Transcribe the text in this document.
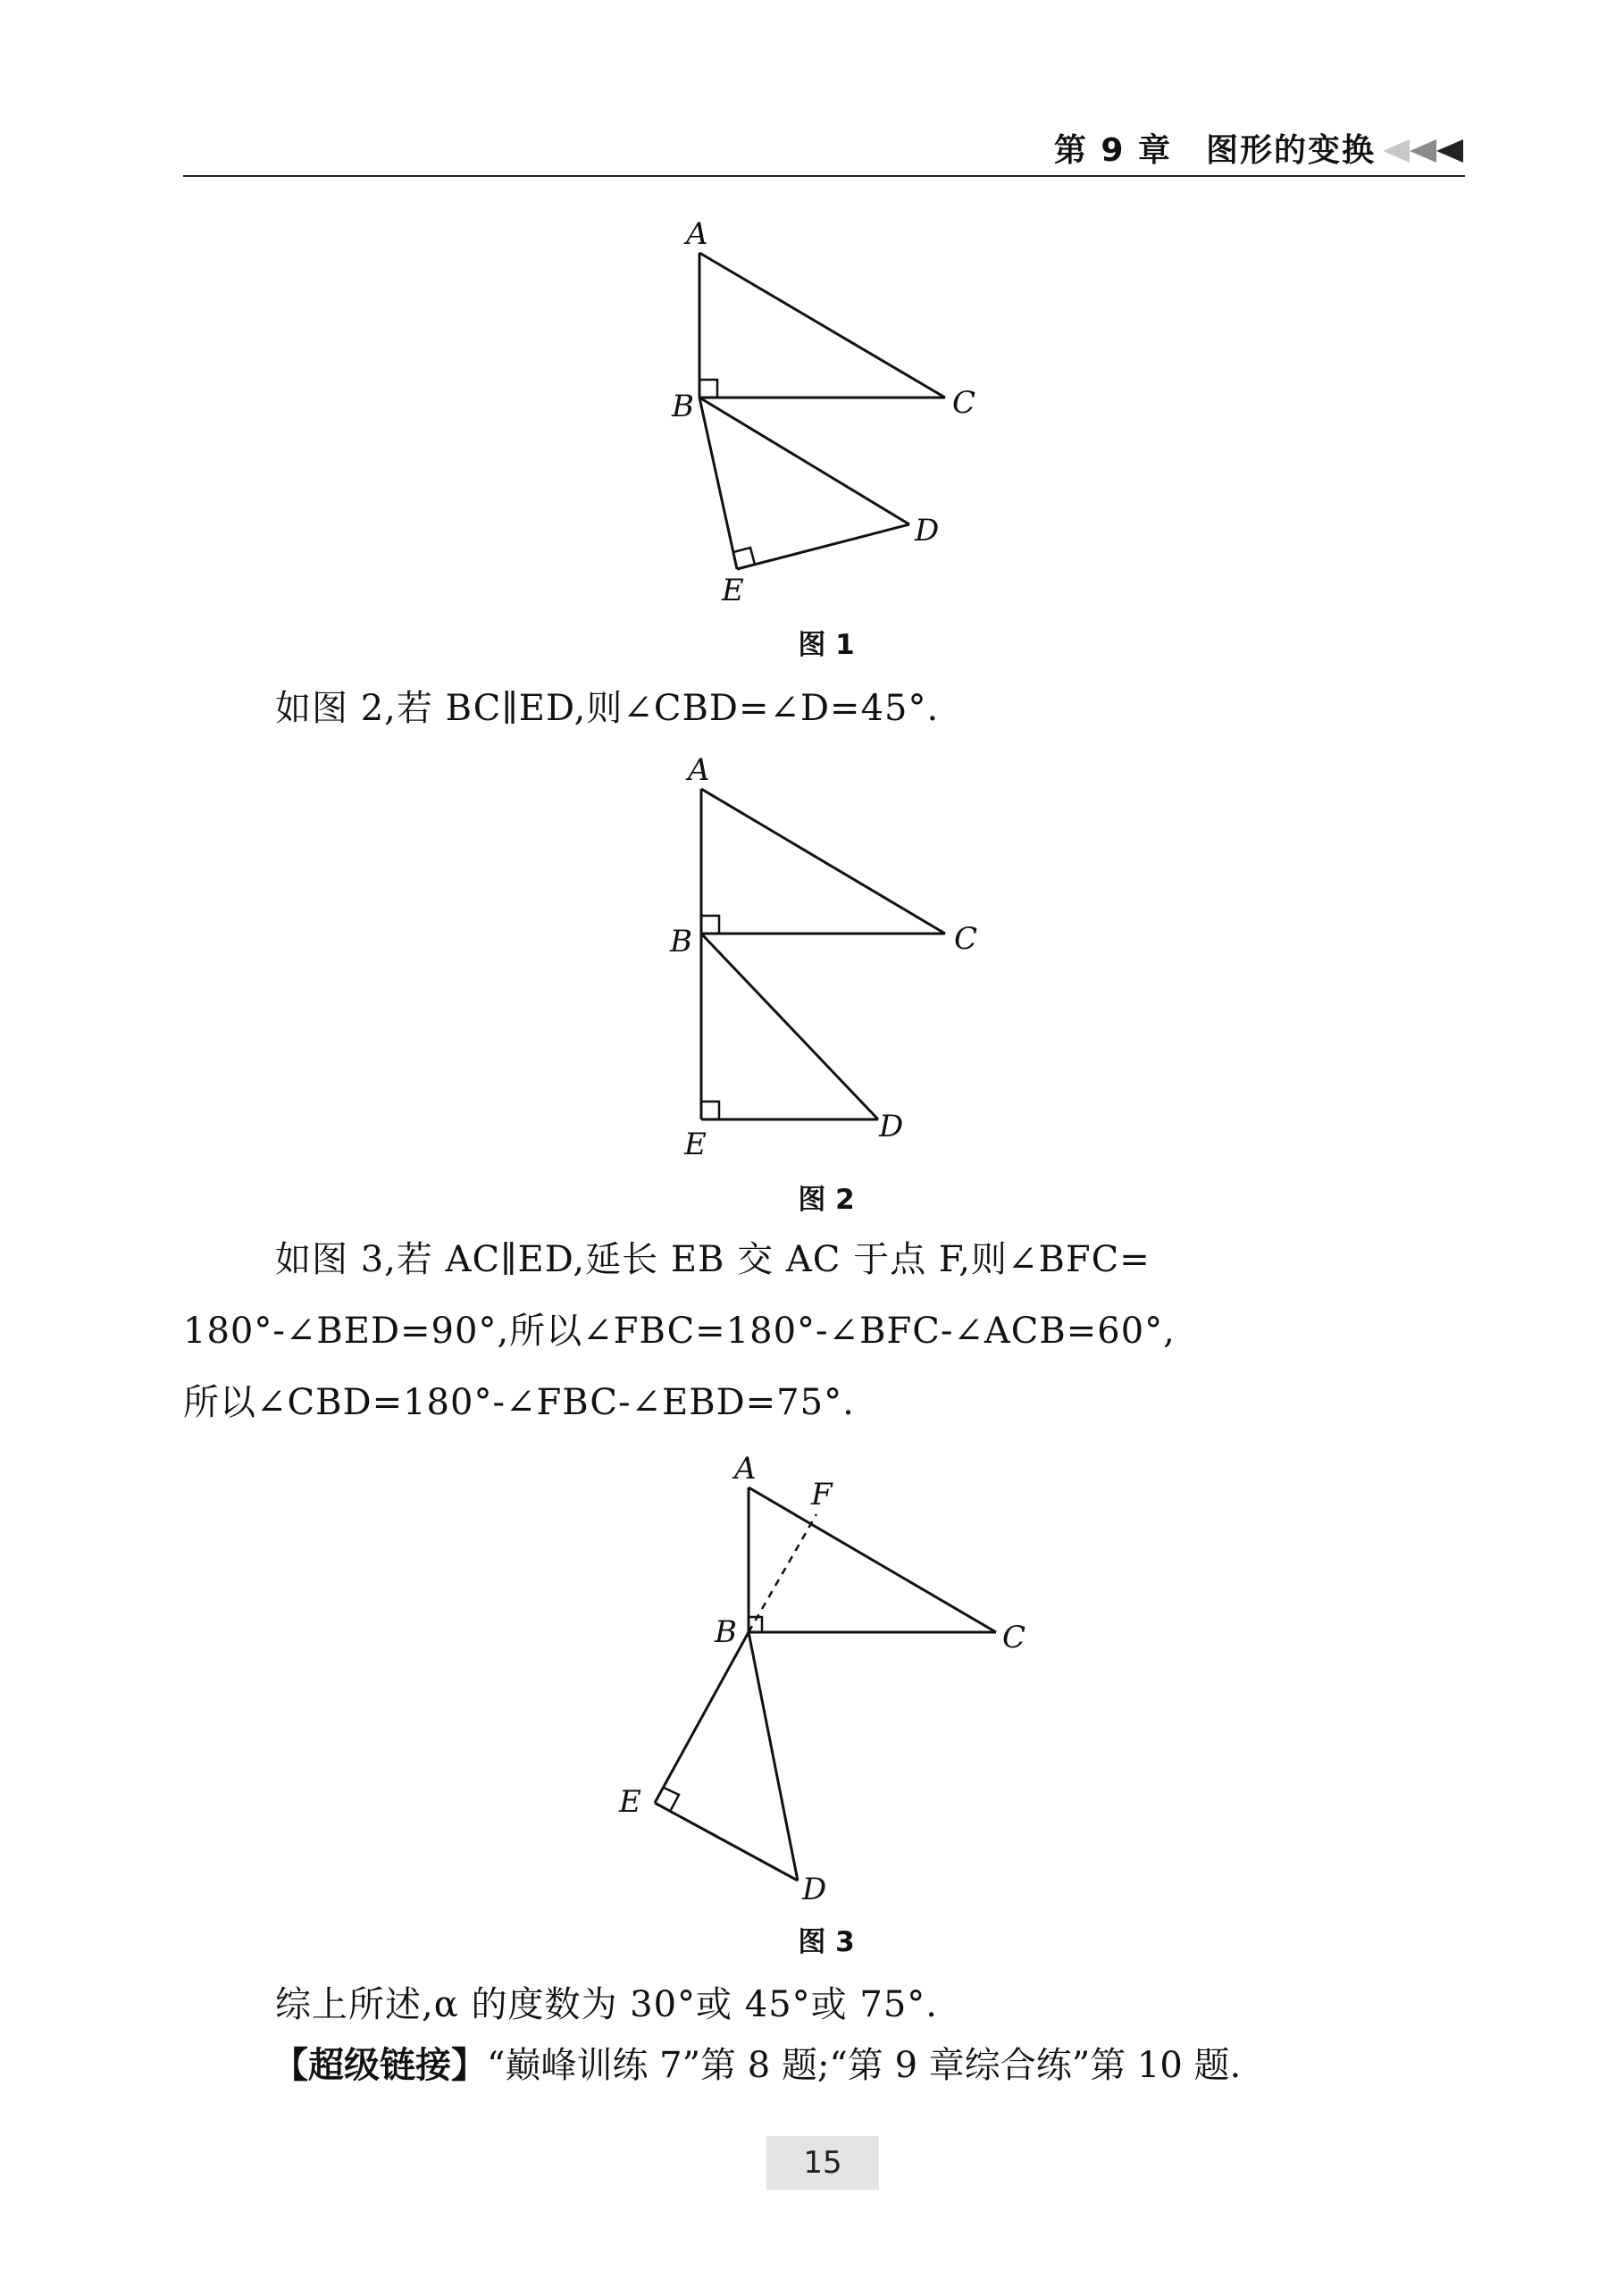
第 9 章　图形的变换
A
B	C
D
E
图 1
如图 2,若 BC∥ED,则∠CBD=∠D=45°.
A
B	C
D
E
图 2
如图 3,若 AC∥ED,延长 EB 交 AC 于点 F,则∠BFC=
180°-∠BED=90°,所以∠FBC=180°-∠BFC-∠ACB=60°,
所以∠CBD=180°-∠FBC-∠EBD=75°.
A
F
B	C
E
D
图 3
综上所述,α 的度数为 30°或 45°或 75°.
【超级链接】“巅峰训练 7”第 8 题;“第 9 章综合练”第 10 题.
15
